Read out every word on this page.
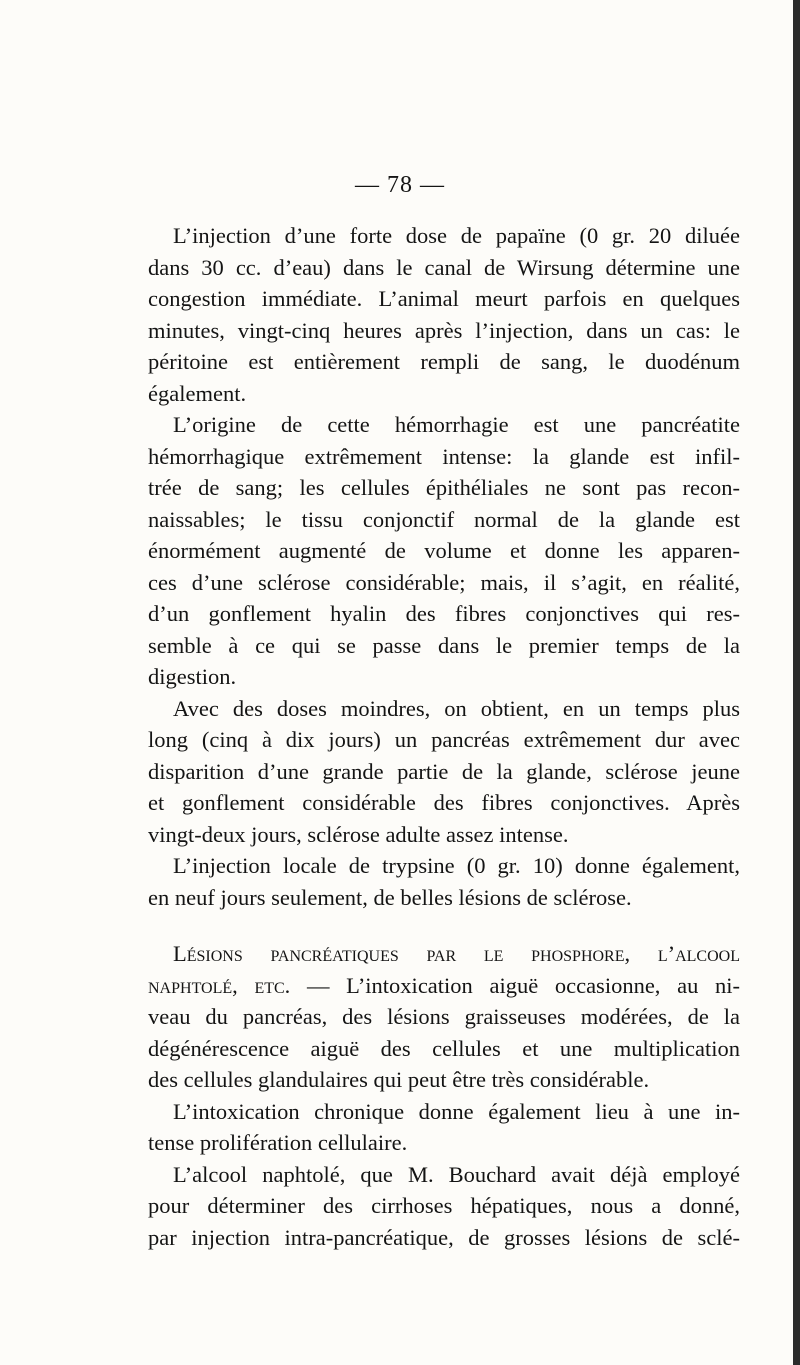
— 78 —
L’injection d’une forte dose de papaïne (0 gr. 20 diluée
dans 30 cc. d’eau) dans le canal de Wirsung détermine une
congestion immédiate. L’animal meurt parfois en quelques
minutes, vingt-cinq heures après l’injection, dans un cas: le
péritoine est entièrement rempli de sang, le duodénum
également.
L’origine de cette hémorrhagie est une pancréatite
hémorrhagique extrêmement intense: la glande est infil-
trée de sang; les cellules épithéliales ne sont pas recon-
naissables; le tissu conjonctif normal de la glande est
énormément augmenté de volume et donne les apparen-
ces d’une sclérose considérable; mais, il s’agit, en réalité,
d’un gonflement hyalin des fibres conjonctives qui res-
semble à ce qui se passe dans le premier temps de la
digestion.
Avec des doses moindres, on obtient, en un temps plus
long (cinq à dix jours) un pancréas extrêmement dur avec
disparition d’une grande partie de la glande, sclérose jeune
et gonflement considérable des fibres conjonctives. Après
vingt-deux jours, sclérose adulte assez intense.
L’injection locale de trypsine (0 gr. 10) donne également,
en neuf jours seulement, de belles lésions de sclérose.
Lésions pancréatiques par le phosphore, l’alcool
naphtolé, etc. — L’intoxication aiguë occasionne, au ni-
veau du pancréas, des lésions graisseuses modérées, de la
dégénérescence aiguë des cellules et une multiplication
des cellules glandulaires qui peut être très considérable.
L’intoxication chronique donne également lieu à une in-
tense prolifération cellulaire.
L’alcool naphtolé, que M. Bouchard avait déjà employé
pour déterminer des cirrhoses hépatiques, nous a donné,
par injection intra-pancréatique, de grosses lésions de sclé-
